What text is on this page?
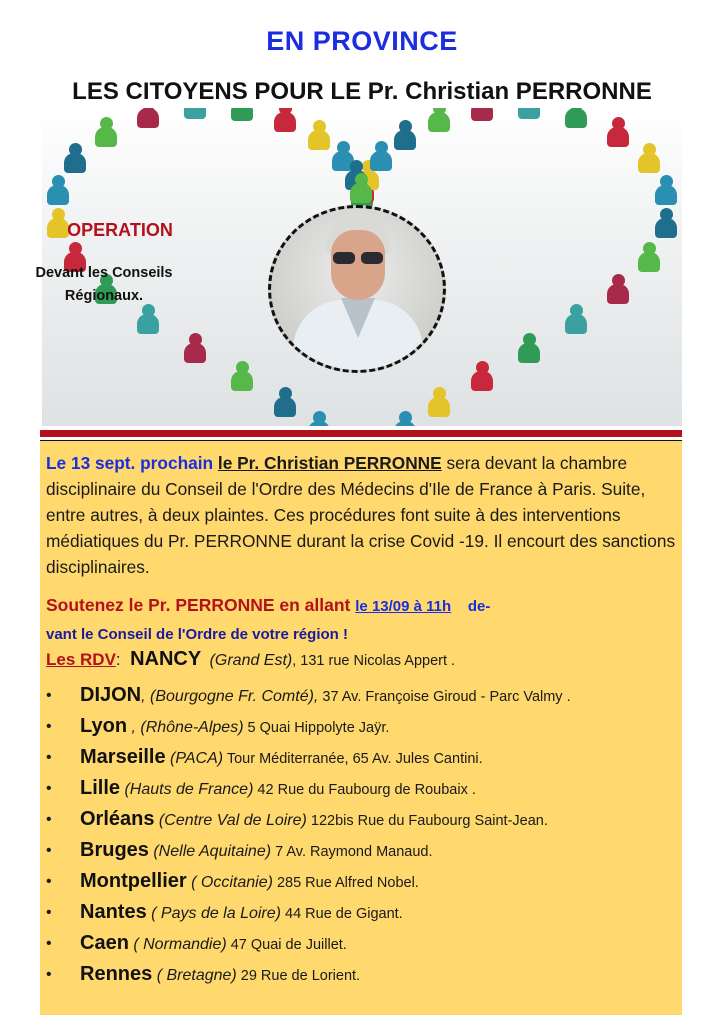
EN PROVINCE
LES CITOYENS POUR LE Pr. Christian PERRONNE

OPERATION

Devant les Conseils
Régionaux.

Le 13 sept. prochain le Pr. Christian PERRONNE sera devant la chambre disciplinaire du Conseil de l'Ordre des Médecins d'Ile de France à Paris. Suite, entre autres, à deux plaintes. Ces procédures font suite à des interventions médiatiques du Pr. PERRONNE durant la crise Covid -19. Il encourt des sanctions disciplinaires.

Soutenez le Pr. PERRONNE en allant le 13/09 à 11h    de-
vant le Conseil de l'Ordre de votre région !

Les RDV:  NANCY (Grand Est), 131 rue Nicolas Appert .

• DIJON, (Bourgogne Fr. Comté), 37 Av. Françoise Giroud - Parc Valmy .
• Lyon , (Rhône-Alpes) 5 Quai Hippolyte Jaÿr.
• Marseille (PACA) Tour Méditerranée, 65 Av. Jules Cantini.
• Lille (Hauts de France) 42 Rue du Faubourg de Roubaix .
• Orléans (Centre Val de Loire) 122bis Rue du Faubourg Saint-Jean.
• Bruges (Nelle Aquitaine) 7 Av. Raymond Manaud.
• Montpellier ( Occitanie) 285 Rue Alfred Nobel.
• Nantes ( Pays de la Loire) 44 Rue de Gigant.
• Caen ( Normandie) 47 Quai de Juillet.
• Rennes ( Bretagne) 29 Rue de Lorient.
